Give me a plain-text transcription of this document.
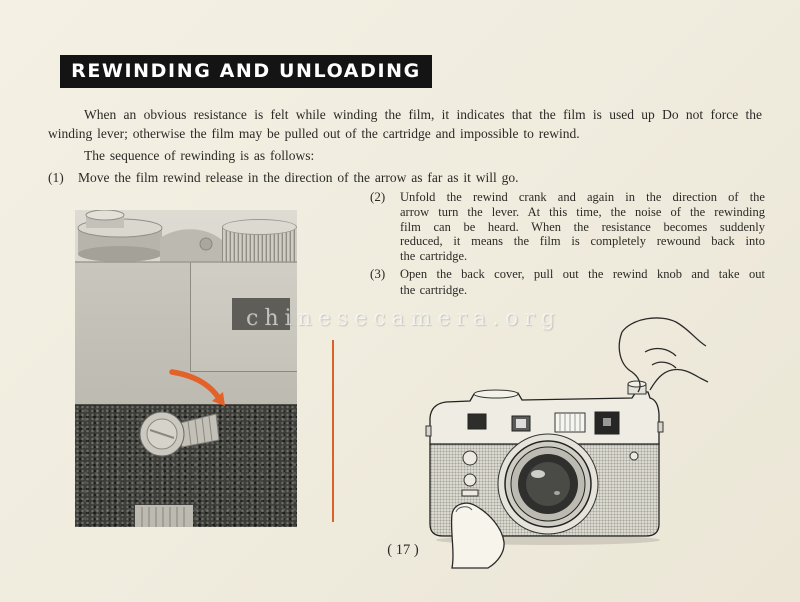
REWINDING AND UNLOADING
When an obvious resistance is felt while winding the film, it indicates that the film is used up Do not force the
winding lever; otherwise the film may be pulled out of the cartridge and impossible to rewind.
The sequence of rewinding is as follows:
(1) Move the film rewind release in the direction of the arrow as far as it will go.
(2) Unfold the rewind crank and again in the direction of the
arrow turn the lever. At this time, the noise of the rewinding
film can be heard. When the resistance becomes suddenly
reduced, it means the film is completely rewound back into
the cartridge.
(3) Open the back cover, pull out the rewind knob and take out
the cartridge.
chinesecamera.org
( 17 )
